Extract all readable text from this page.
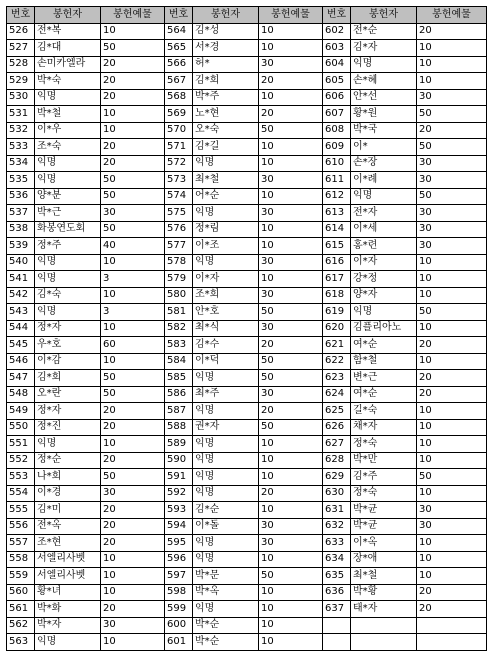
번호	봉헌자	봉헌예물	번호	봉헌자	봉헌예물	번호	봉헌자	봉헌예물
526	전*복	10	564	김*성	10	602	전*순	20
527	김*대	50	565	서*경	10	603	김*자	10
528	손미카엘라	20	566	허*	30	604	익명	10
529	박*숙	20	567	김*희	20	605	손*혜	10
530	익명	20	568	박*주	10	606	안*선	30
531	박*철	10	569	노*현	20	607	황*원	50
532	이*우	10	570	오*숙	50	608	박*국	20
533	조*숙	20	571	김*길	10	609	이*	50
534	익명	20	572	익명	10	610	손*장	30
535	익명	50	573	최*철	30	611	이*례	30
536	양*분	50	574	어*순	10	612	익명	50
537	박*근	30	575	익명	30	613	전*자	30
538	화봉연도회	50	576	정*림	10	614	이*세	30
539	정*주	40	577	이*조	10	615	홍*련	30
540	익명	10	578	익명	30	616	이*자	10
541	익명	3	579	이*자	10	617	강*정	10
542	김*숙	10	580	조*희	30	618	양*자	10
543	익명	3	581	안*호	50	619	익명	50
544	정*자	10	582	최*식	30	620	김플리아노	10
545	우*호	60	583	김*수	20	621	여*순	20
546	이*감	10	584	이*덕	50	622	함*철	10
547	김*희	50	585	익명	50	623	변*근	20
548	오*란	50	586	최*주	30	624	여*순	20
549	정*자	20	587	익명	20	625	길*숙	10
550	정*진	20	588	권*자	50	626	채*자	10
551	익명	10	589	익명	10	627	정*숙	10
552	정*순	20	590	익명	10	628	박*만	10
553	나*희	50	591	익명	10	629	김*주	50
554	이*경	30	592	익명	20	630	정*숙	10
555	김*미	20	593	김*순	10	631	박*균	30
556	전*옥	20	594	이*돌	30	632	박*균	30
557	조*현	20	595	익명	30	633	이*옥	10
558	서엘리사벳	10	596	익명	10	634	장*애	10
559	서엘리사벳	10	597	박*문	50	635	최*철	10
560	황*녀	10	598	박*옥	10	636	박*황	20
561	박*화	20	599	익명	10	637	태*자	20
562	박*자	30	600	박*순	10			
563	익명	10	601	박*순	10			
